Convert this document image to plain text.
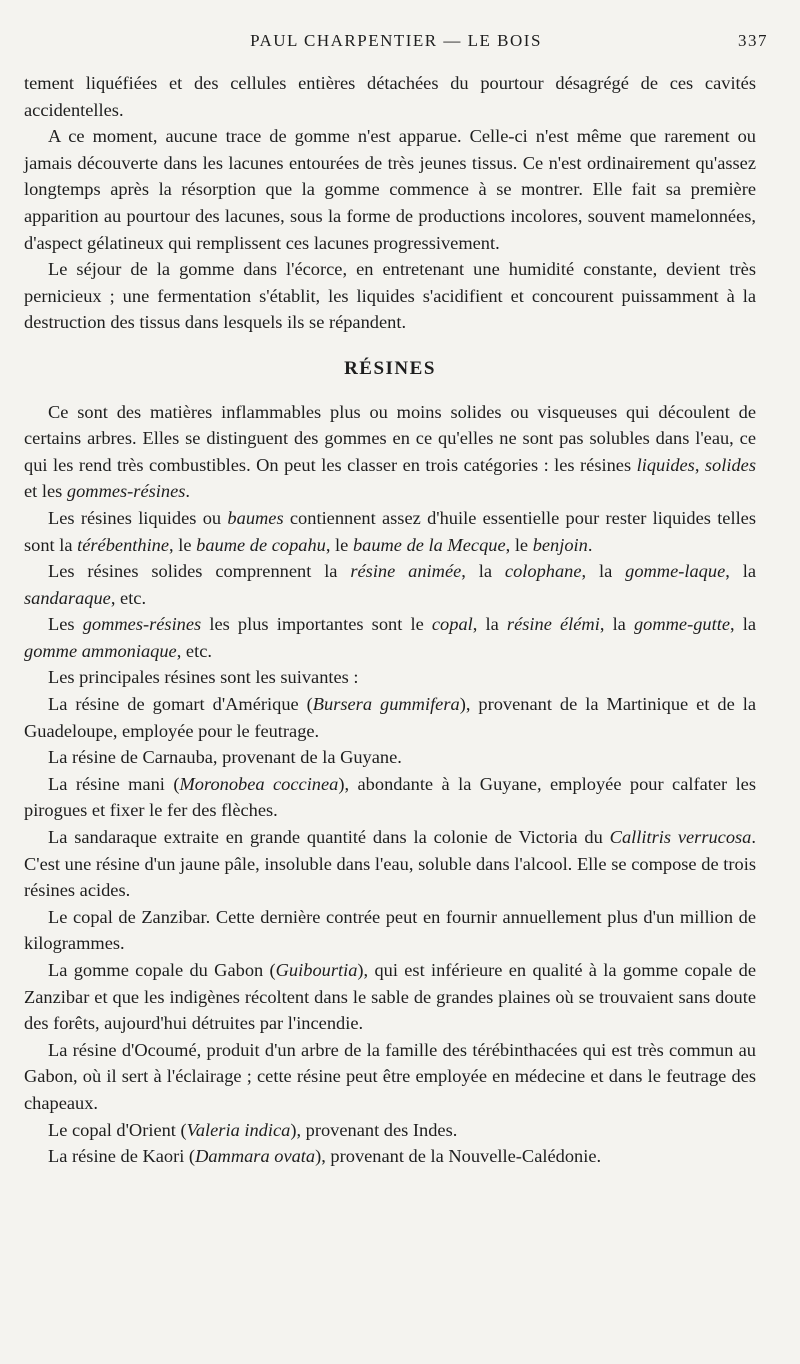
PAUL CHARPENTIER — LE BOIS	337

tement liquéfiées et des cellules entières détachées du pourtour désagrégé de ces cavités accidentelles.

A ce moment, aucune trace de gomme n'est apparue. Celle-ci n'est même que rarement ou jamais découverte dans les lacunes entourées de très jeunes tissus. Ce n'est ordinairement qu'assez longtemps après la résorption que la gomme commence à se montrer. Elle fait sa première apparition au pourtour des lacunes, sous la forme de productions incolores, souvent mamelonnées, d'aspect gélatineux qui remplissent ces lacunes progressivement.

Le séjour de la gomme dans l'écorce, en entretenant une humidité constante, devient très pernicieux ; une fermentation s'établit, les liquides s'acidifient et concourent puissamment à la destruction des tissus dans lesquels ils se répandent.

RÉSINES

Ce sont des matières inflammables plus ou moins solides ou visqueuses qui découlent de certains arbres. Elles se distinguent des gommes en ce qu'elles ne sont pas solubles dans l'eau, ce qui les rend très combustibles. On peut les classer en trois catégories : les résines liquides, solides et les gommes-résines.

Les résines liquides ou baumes contiennent assez d'huile essentielle pour rester liquides telles sont la térébenthine, le baume de copahu, le baume de la Mecque, le benjoin.

Les résines solides comprennent la résine animée, la colophane, la gomme-laque, la sandaraque, etc.

Les gommes-résines les plus importantes sont le copal, la résine élémi, la gomme-gutte, la gomme ammoniaque, etc.

Les principales résines sont les suivantes :

La résine de gomart d'Amérique (Bursera gummifera), provenant de la Martinique et de la Guadeloupe, employée pour le feutrage.

La résine de Carnauba, provenant de la Guyane.

La résine mani (Moronobea coccinea), abondante à la Guyane, employée pour calfater les pirogues et fixer le fer des flèches.

La sandaraque extraite en grande quantité dans la colonie de Victoria du Callitris verrucosa. C'est une résine d'un jaune pâle, insoluble dans l'eau, soluble dans l'alcool. Elle se compose de trois résines acides.

Le copal de Zanzibar. Cette dernière contrée peut en fournir annuellement plus d'un million de kilogrammes.

La gomme copale du Gabon (Guibourtia), qui est inférieure en qualité à la gomme copale de Zanzibar et que les indigènes récoltent dans le sable de grandes plaines où se trouvaient sans doute des forêts, aujourd'hui détruites par l'incendie.

La résine d'Ocoumé, produit d'un arbre de la famille des térébinthacées qui est très commun au Gabon, où il sert à l'éclairage ; cette résine peut être employée en médecine et dans le feutrage des chapeaux.

Le copal d'Orient (Valeria indica), provenant des Indes.

La résine de Kaori (Dammara ovata), provenant de la Nouvelle-Calédonie.
